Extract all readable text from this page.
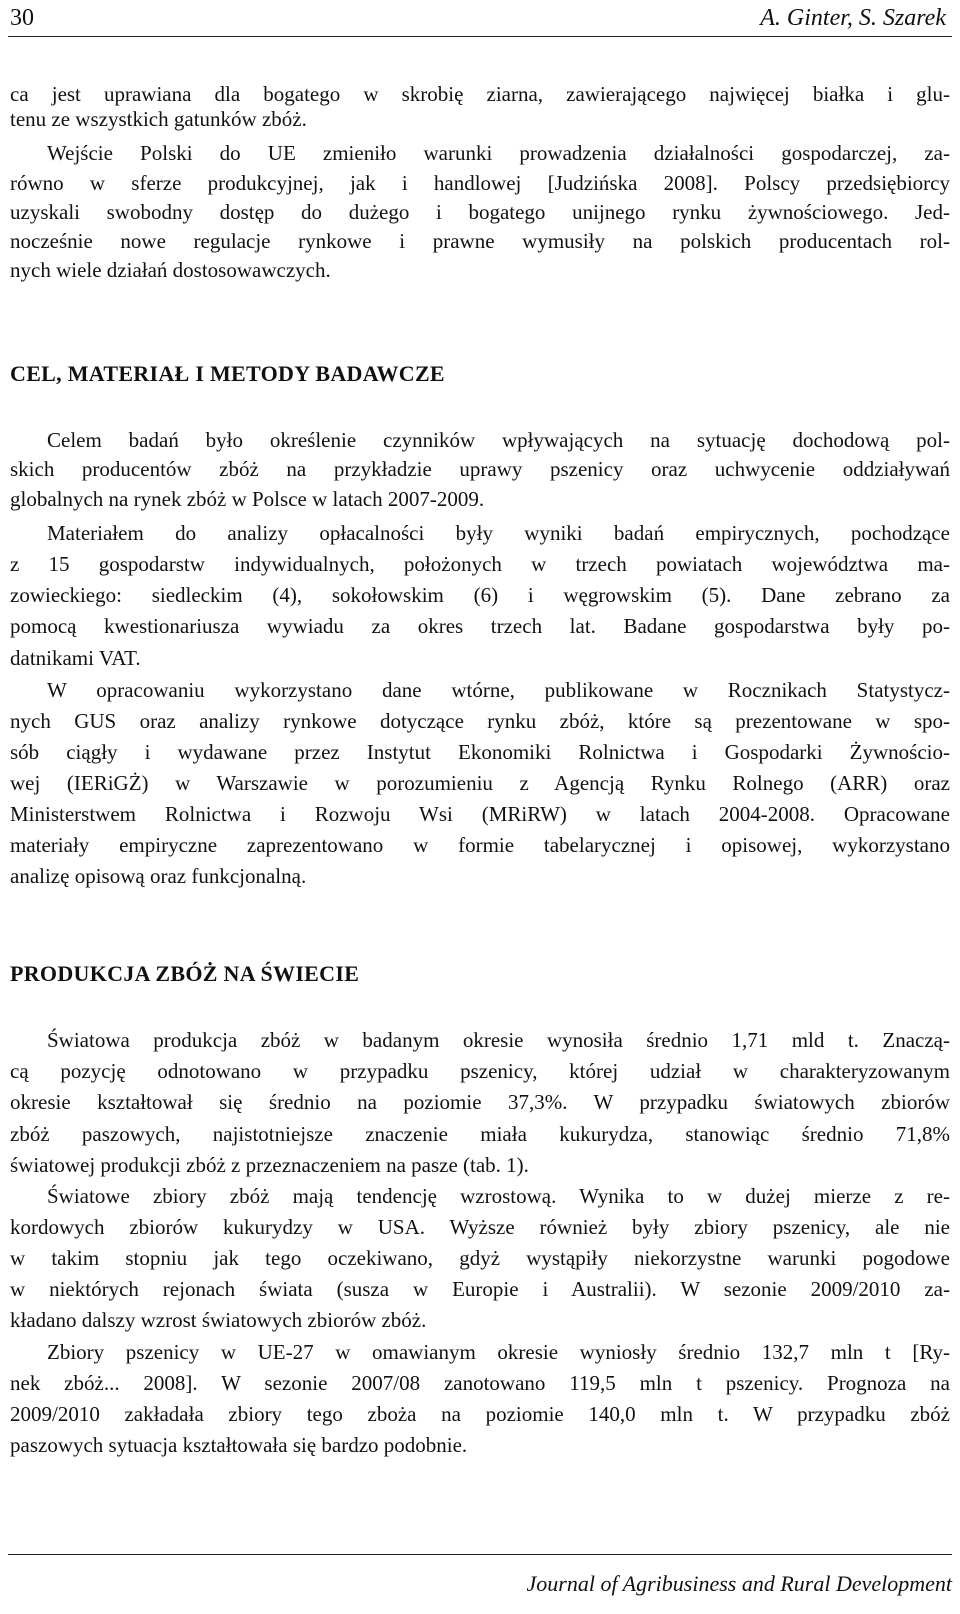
30	A. Ginter, S. Szarek
ca jest uprawiana dla bogatego w skrobię ziarna, zawierającego najwięcej białka i glu-
tenu ze wszystkich gatunków zbóż.
Wejście Polski do UE zmieniło warunki prowadzenia działalności gospodarczej, za-
równo w sferze produkcyjnej, jak i handlowej [Judzińska 2008]. Polscy przedsiębiorcy
uzyskali swobodny dostęp do dużego i bogatego unijnego rynku żywnościowego. Jed-
nocześnie nowe regulacje rynkowe i prawne wymusiły na polskich producentach rol-
nych wiele działań dostosowawczych.
CEL, MATERIAŁ I METODY BADAWCZE
Celem badań było określenie czynników wpływających na sytuację dochodową pol-
skich producentów zbóż na przykładzie uprawy pszenicy oraz uchwycenie oddziaływań
globalnych na rynek zbóż w Polsce w latach 2007-2009.
Materiałem do analizy opłacalności były wyniki badań empirycznych, pochodzące
z 15 gospodarstw indywidualnych, położonych w trzech powiatach województwa ma-
zowieckiego: siedleckim (4), sokołowskim (6) i węgrowskim (5). Dane zebrano za
pomocą kwestionariusza wywiadu za okres trzech lat. Badane gospodarstwa były po-
datnikami VAT.
W opracowaniu wykorzystano dane wtórne, publikowane w Rocznikach Statystycz-
nych GUS oraz analizy rynkowe dotyczące rynku zbóż, które są prezentowane w spo-
sób ciągły i wydawane przez Instytut Ekonomiki Rolnictwa i Gospodarki Żywnościo-
wej (IERiGŻ) w Warszawie w porozumieniu z Agencją Rynku Rolnego (ARR) oraz
Ministerstwem Rolnictwa i Rozwoju Wsi (MRiRW) w latach 2004-2008. Opracowane
materiały empiryczne zaprezentowano w formie tabelarycznej i opisowej, wykorzystano
analizę opisową oraz funkcjonalną.
PRODUKCJA ZBÓŻ NA ŚWIECIE
Światowa produkcja zbóż w badanym okresie wynosiła średnio 1,71 mld t. Znaczą-
cą pozycję odnotowano w przypadku pszenicy, której udział w charakteryzowanym
okresie kształtował się średnio na poziomie 37,3%. W przypadku światowych zbiorów
zbóż paszowych, najistotniejsze znaczenie miała kukurydza, stanowiąc średnio 71,8%
światowej produkcji zbóż z przeznaczeniem na pasze (tab. 1).
Światowe zbiory zbóż mają tendencję wzrostową. Wynika to w dużej mierze z re-
kordowych zbiorów kukurydzy w USA. Wyższe również były zbiory pszenicy, ale nie
w takim stopniu jak tego oczekiwano, gdyż wystąpiły niekorzystne warunki pogodowe
w niektórych rejonach świata (susza w Europie i Australii). W sezonie 2009/2010 za-
kładano dalszy wzrost światowych zbiorów zbóż.
Zbiory pszenicy w UE-27 w omawianym okresie wyniosły średnio 132,7 mln t [Ry-
nek zbóż... 2008]. W sezonie 2007/08 zanotowano 119,5 mln t pszenicy. Prognoza na
2009/2010 zakładała zbiory tego zboża na poziomie 140,0 mln t. W przypadku zbóż
paszowych sytuacja kształtowała się bardzo podobnie.
Journal of Agribusiness and Rural Development
